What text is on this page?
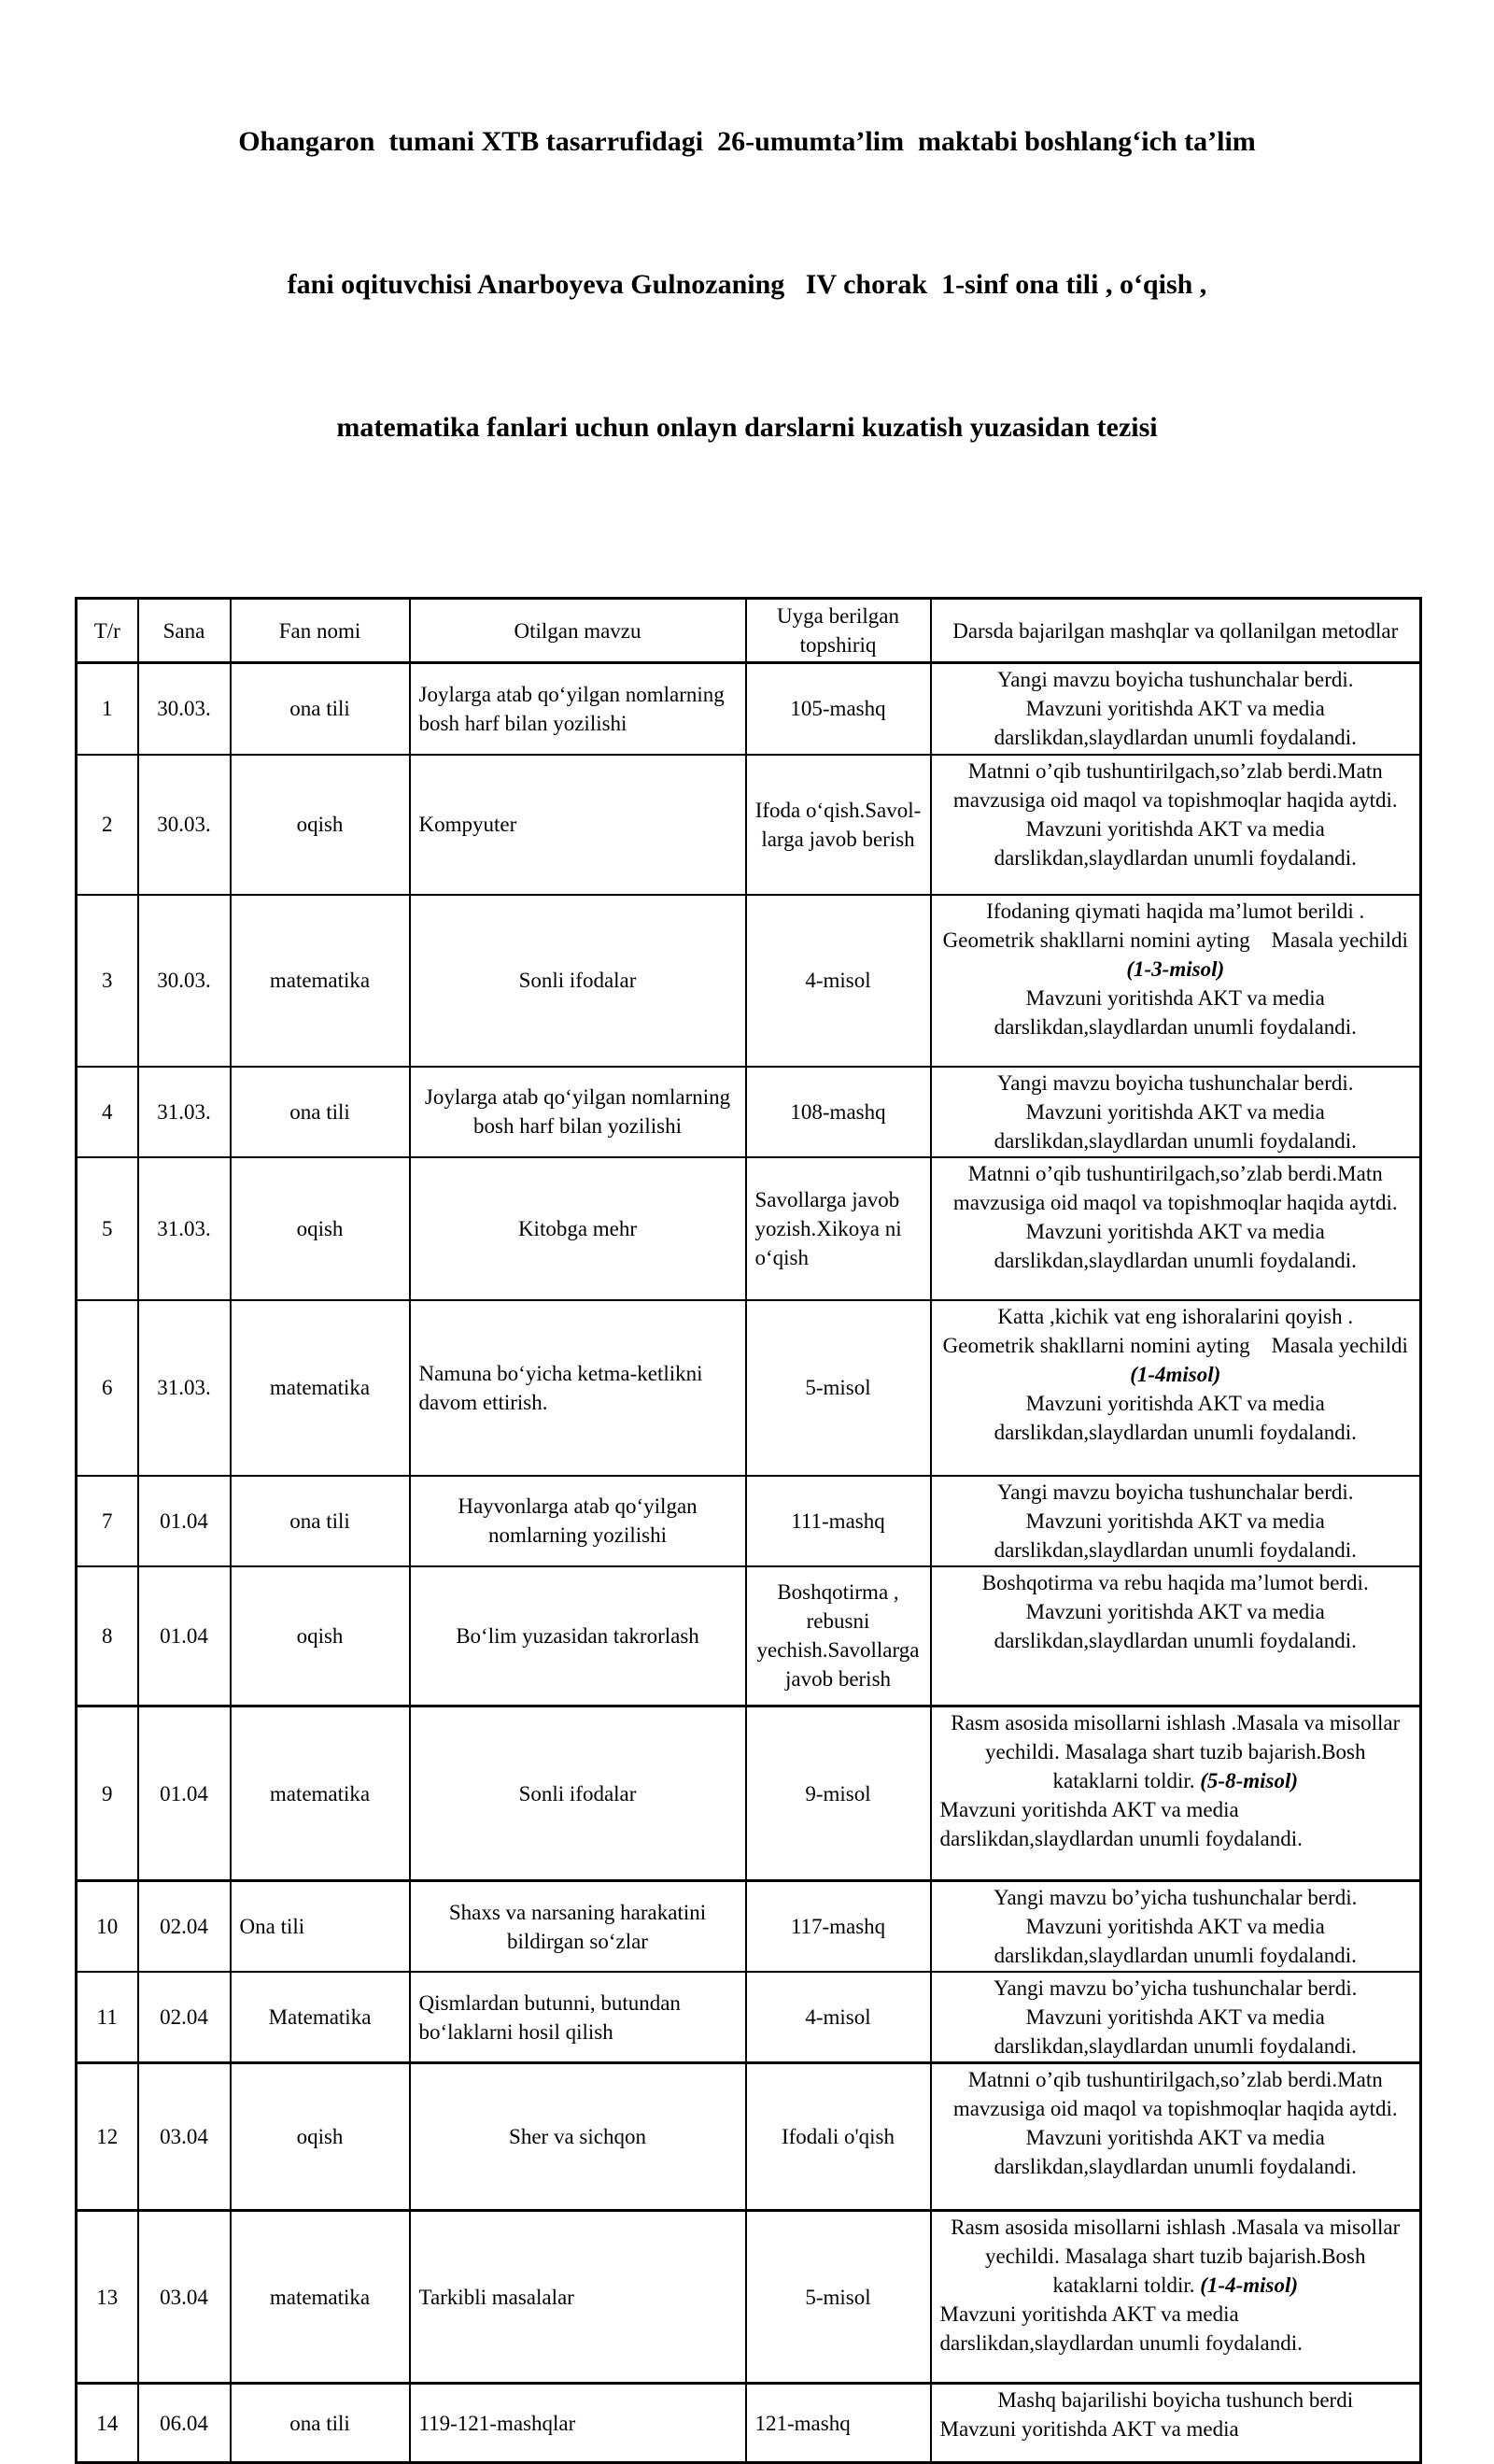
Ohangaron  tumani XTB tasarrufidagi  26-umumta’lim  maktabi boshlang‘ich ta’lim

fani oqituvchisi Anarboyeva Gulnozaning   IV chorak  1-sinf ona tili , o‘qish ,

matematika fanlari uchun onlayn darslarni kuzatish yuzasidan tezisi

T/r	Sana	Fan nomi	Otilgan mavzu	Uyga berilgan topshiriq	Darsda bajarilgan mashqlar va qollanilgan metodlar
1	30.03.	ona tili	Joylarga atab qo‘yilgan nomlarning bosh harf bilan yozilishi	105-mashq	Yangi mavzu boyicha tushunchalar berdi.
Mavzuni yoritishda AKT va media darslikdan,slaydlardan unumli foydalandi.

2	30.03.	oqish	Kompyuter	Ifoda o‘qish.Savol-larga javob berish	Matnni o’qib tushuntirilgach,so’zlab berdi.Matn mavzusiga oid maqol va topishmoqlar haqida aytdi.
Mavzuni yoritishda AKT va media darslikdan,slaydlardan unumli foydalandi.

3	30.03.	matematika	Sonli ifodalar	4-misol	Ifodaning qiymati haqida ma’lumot berildi .
Geometrik shakllarni nomini ayting    Masala yechildi
(1-3-misol)
Mavzuni yoritishda AKT va media darslikdan,slaydlardan unumli foydalandi.

4	31.03.	ona tili	Joylarga atab qo‘yilgan nomlarning bosh harf bilan yozilishi	108-mashq	Yangi mavzu boyicha tushunchalar berdi.
Mavzuni yoritishda AKT va media darslikdan,slaydlardan unumli foydalandi.

5	31.03.	oqish	Kitobga mehr	Savollarga javob yozish.Xikoya ni o‘qish	Matnni o’qib tushuntirilgach,so’zlab berdi.Matn mavzusiga oid maqol va topishmoqlar haqida aytdi.
Mavzuni yoritishda AKT va media darslikdan,slaydlardan unumli foydalandi.

6	31.03.	matematika	Namuna bo‘yicha ketma-ketlikni davom ettirish.	5-misol	Katta ,kichik vat eng ishoralarini qoyish .
Geometrik shakllarni nomini ayting    Masala yechildi
(1-4misol)
Mavzuni yoritishda AKT va media darslikdan,slaydlardan unumli foydalandi.

7	01.04	ona tili	Hayvonlarga atab qo‘yilgan nomlarning yozilishi	111-mashq	Yangi mavzu boyicha tushunchalar berdi.
Mavzuni yoritishda AKT va media darslikdan,slaydlardan unumli foydalandi.

8	01.04	oqish	Bo‘lim yuzasidan takrorlash	Boshqotirma , rebusni yechish.Savollarga javob berish	Boshqotirma va rebu haqida ma’lumot berdi.
Mavzuni yoritishda AKT va media darslikdan,slaydlardan unumli foydalandi.

9	01.04	matematika	Sonli ifodalar	9-misol	Rasm asosida misollarni ishlash .Masala va misollar yechildi. Masalaga shart tuzib bajarish.Bosh kataklarni toldir. (5-8-misol)
Mavzuni yoritishda AKT va media
darslikdan,slaydlardan unumli foydalandi.

10	02.04	Ona tili	Shaxs va narsaning harakatini bildirgan so‘zlar	117-mashq	Yangi mavzu bo’yicha tushunchalar berdi.
Mavzuni yoritishda AKT va media darslikdan,slaydlardan unumli foydalandi.

11	02.04	Matematika	Qismlardan butunni, butundan bo‘laklarni hosil qilish	4-misol	Yangi mavzu bo’yicha tushunchalar berdi.
Mavzuni yoritishda AKT va media darslikdan,slaydlardan unumli foydalandi.

12	03.04	oqish	Sher va sichqon	Ifodali o'qish	Matnni o’qib tushuntirilgach,so’zlab berdi.Matn mavzusiga oid maqol va topishmoqlar haqida aytdi.
Mavzuni yoritishda AKT va media darslikdan,slaydlardan unumli foydalandi.

13	03.04	matematika	Tarkibli masalalar	5-misol	Rasm asosida misollarni ishlash .Masala va misollar yechildi. Masalaga shart tuzib bajarish.Bosh kataklarni toldir. (1-4-misol)
Mavzuni yoritishda AKT va media
darslikdan,slaydlardan unumli foydalandi.

14	06.04	ona tili	119-121-mashqlar	121-mashq	Mashq bajarilishi boyicha tushunch berdi
Mavzuni yoritishda AKT va media
